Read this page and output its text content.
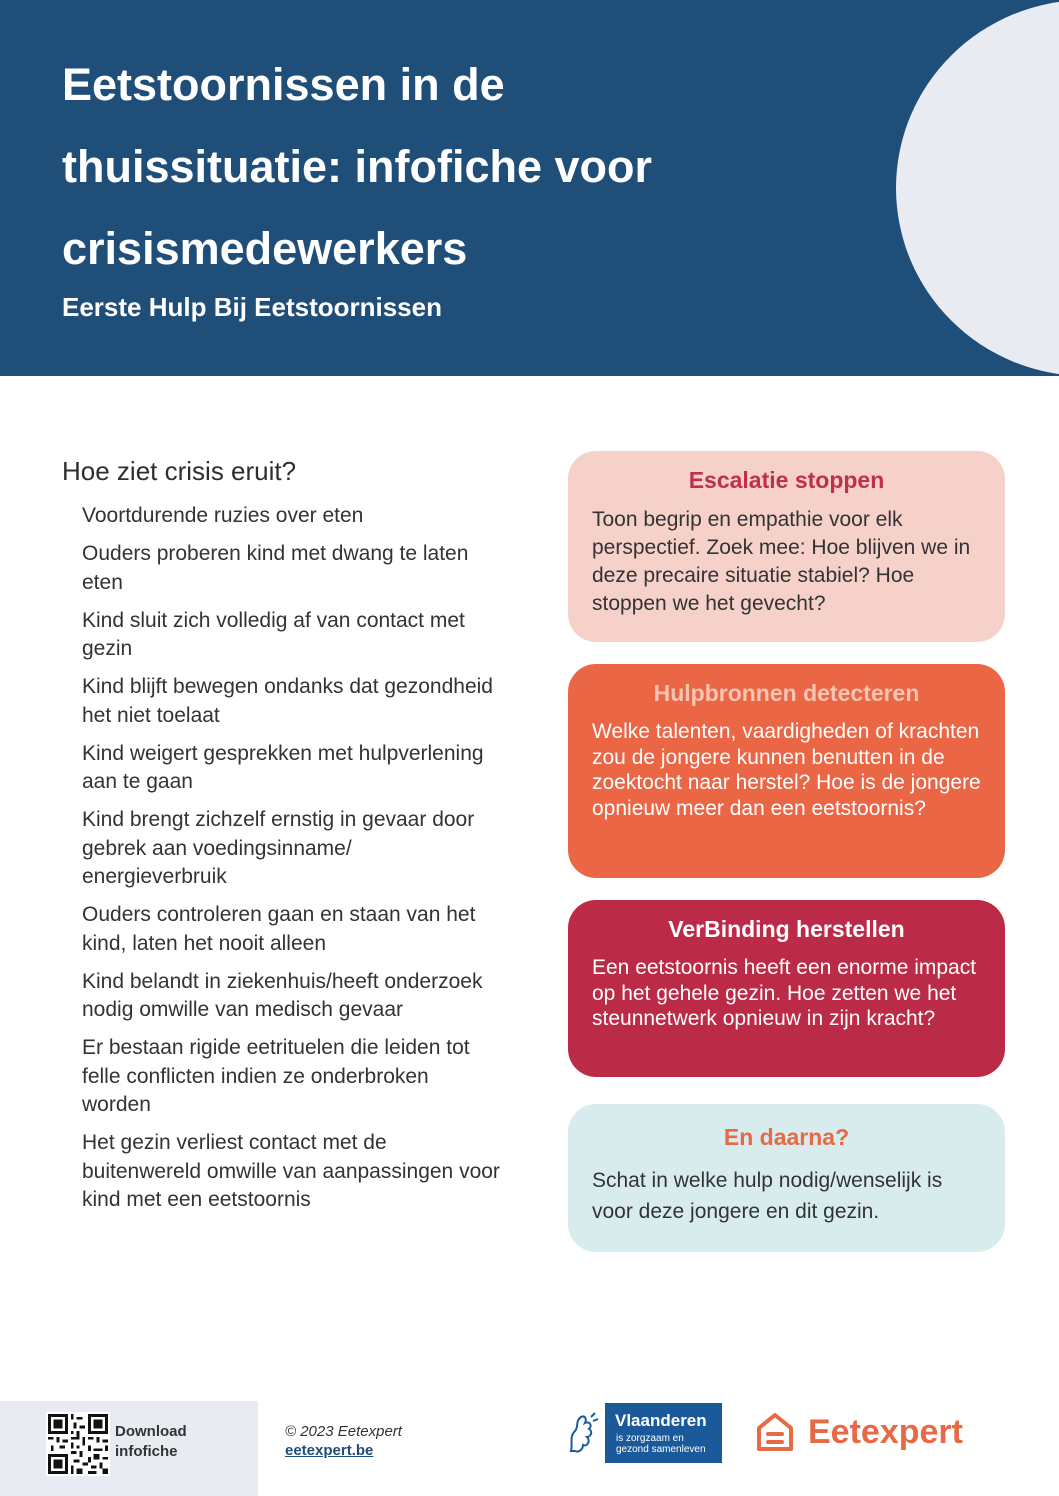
Eetstoornissen in de thuissituatie: infofiche voor crisismedewerkers
Eerste Hulp Bij Eetstoornissen
Hoe ziet crisis eruit?
Voortdurende ruzies over eten
Ouders proberen kind met dwang te laten eten
Kind sluit zich volledig af van contact met gezin
Kind blijft bewegen ondanks dat gezondheid het niet toelaat
Kind weigert gesprekken met hulpverlening aan te gaan
Kind brengt zichzelf ernstig in gevaar door gebrek aan voedingsinname/ energieverbruik
Ouders controleren gaan en staan van het kind, laten het nooit alleen
Kind belandt in ziekenhuis/heeft onderzoek nodig omwille van medisch gevaar
Er bestaan rigide eetrituelen die leiden tot felle conflicten indien ze onderbroken worden
Het gezin verliest contact met de buitenwereld omwille van aanpassingen voor kind met een eetstoornis
Escalatie stoppen

Toon begrip en empathie voor elk perspectief. Zoek mee: Hoe blijven we in deze precaire situatie stabiel? Hoe stoppen we het gevecht?

Hulpbronnen detecteren

Welke talenten, vaardigheden of krachten zou de jongere kunnen benutten in de zoektocht naar herstel? Hoe is de jongere opnieuw meer dan een eetstoornis?

VerBinding herstellen

Een eetstoornis heeft een enorme impact op het gehele gezin. Hoe zetten we het steunnetwerk opnieuw in zijn kracht?

En daarna?

Schat in welke hulp nodig/wenselijk is voor deze jongere en dit gezin.

Download
infofiche
© 2023 Eetexpert
eetexpert.be
Vlaanderen
is zorgzaam en
gezond samenleven	Eetexpert
